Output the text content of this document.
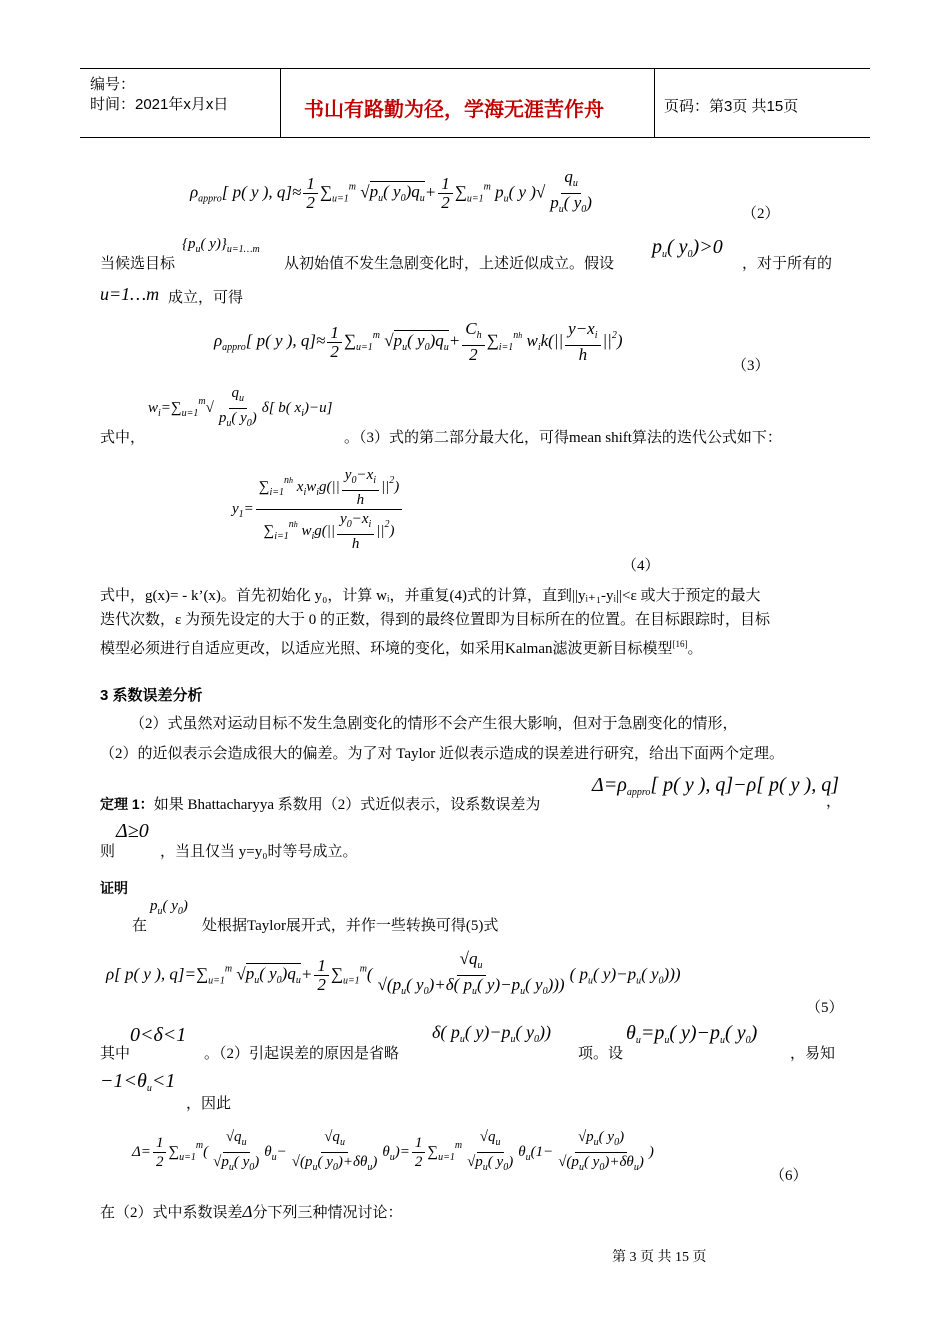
编号：
时间：2021年x月x日	书山有路勤为径，学海无涯苦作舟	页码：第3页 共15页
$\rho_{appro}$[ p( y ), $q]\approx \frac{1}{2} \sum_{u=1}^m$ $√p_u$( $y_0)q_u+ \frac{1}{2} \sum_{u=1}^m$ $p_u$( y )√ $\frac{q_u}{p_u( y_0)}$	（2）
当候选目标
{$p_u$( $y)\}_{u=1\dots m}$
从初始值不发生急剧变化时，上述近似成立。假设
$p_u$( $y_0)>0$
，对于所有的
u=1…m 成立，可得
$\rho_{appro}$[ p( y ), $q]\approx \frac{1}{2} \sum_{u=1}^m$ $√p_u$( $y_0)q_u+ \frac{C_h}{2} \sum_{i=1}^{nh}$ $w_ik(|| \frac{y-x_i}{h} ||^2)$
（3）
$w_i=\sum_{u=1}^m√ \frac{q_u}{p_u( y_0)} \delta$[ b( $x_i)-u$]
式中，	。（3）式的第二部分最大化，可得mean shift算法的迭代公式如下：
$y_1= \frac{\sum_{i=1}^{nh} x_iw_ig(|| \frac{y_0-x_i}{h} ||^2)}{\sum_{i=1}^{nh} w_ig(|| \frac{y_0-x_i}{h} ||^2)}$
（4）
式中，g(x)= - k’(x)。首先初始化 y₀，计算 wᵢ，并重复(4)式的计算，直到||yᵢ₊₁-yᵢ||<ε 或大于预定的最大
迭代次数，ε 为预先设定的大于 0 的正数，得到的最终位置即为目标所在的位置。在目标跟踪时，目标
模型必须进行自适应更改，以适应光照、环境的变化，如采用Kalman滤波更新目标模型[16]。
3 系数误差分析
（2）式虽然对运动目标不发生急剧变化的情形不会产生很大影响，但对于急剧变化的情形，
（2）的近似表示会造成很大的偏差。为了对 Taylor 近似表示造成的误差进行研究，给出下面两个定理。
定理 1：如果 Bhattacharyya 系数用（2）式近似表示，设系数误差为
$\Delta=\rho_{appro}$[ p( y ), q]−ρ[ p( y ), q]
，
Δ≥0
则	，当且仅当 y=y₀时等号成立。
证明
$p_u$( $y_0$)
在	处根据Taylor展开式，并作一些转换可得(5)式
ρ[ p( y ), $q]=\sum_{u=1}^m$ $√p_u$( $y_0)q_u+ \frac{1}{2} \sum_{u=1}^m( \frac{√q_u}{√(p_u( y_0)+\delta( p_u( y)-p_u( y_0)))}$ ( $p_u$( $y)-p_u$( $y_0$)))
（5）
0<δ<1
其中	。（2）引起误差的原因是省略
δ( $p_u$( $y)-p_u$( $y_0$))
项。设
$\theta_u=p_u$( $y)-p_u$( $y_0$)
，易知
$-1<\theta_u<1$
，因此
$\Delta= \frac{1}{2} \sum_{u=1}^m( \frac{√q_u}{√p_u( y_0)} \theta_u- \frac{√q_u}{√(p_u( y_0)+\delta\theta_u)} \theta_u)= \frac{1}{2} \sum_{u=1}^m \frac{√q_u}{√p_u( y_0)} \theta_u(1- \frac{√p_u( y_0)}{√(p_u( y_0)+\delta\theta_u)}$ )
（6）
在（2）式中系数误差Δ分下列三种情况讨论：
第 3 页 共 15 页
